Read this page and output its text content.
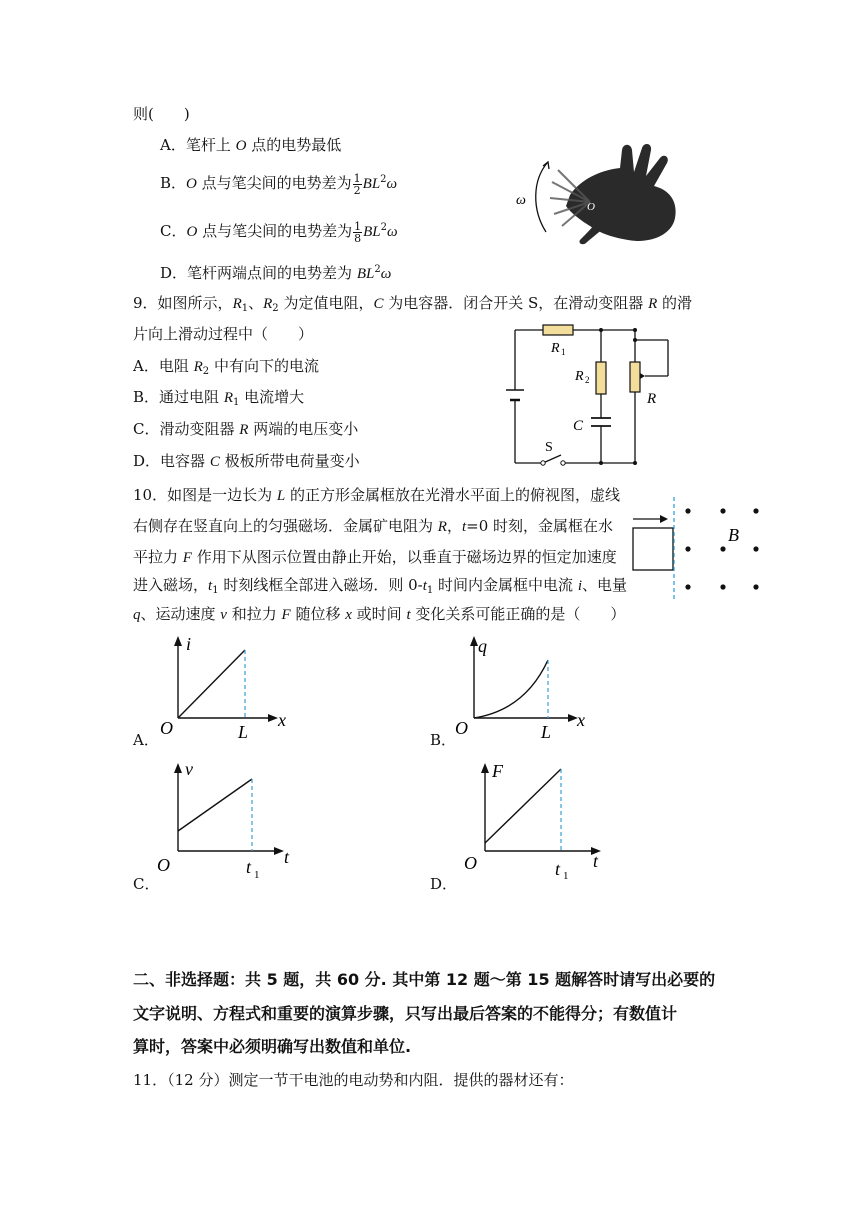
则(　　)
A．笔杆上 O 点的电势最低
B．O 点与笔尖间的电势差为 $\frac{1}{2} BL^2\omega$
C．O 点与笔尖间的电势差为 $\frac{1}{8} BL^2\omega$
D．笔杆两端点间的电势差为 $BL^2\omega$
ω	O
9．如图所示，$R_1$、$R_2$ 为定值电阻，C 为电容器．闭合开关 S，在滑动变阻器 R 的滑
片向上滑动过程中（　　）
A．电阻 $R_2$ 中有向下的电流
B．通过电阻 $R_1$ 电流增大
C．滑动变阻器 R 两端的电压变小
D．电容器 C 极板所带电荷量变小
R 1
R 2
R
C
S
10．如图是一边长为 L 的正方形金属框放在光滑水平面上的俯视图，虚线
右侧存在竖直向上的匀强磁场．金属矿电阻为 R，t=0 时刻，金属框在水
平拉力 F 作用下从图示位置由静止开始，以垂直于磁场边界的恒定加速度
进入磁场，$t_1$ 时刻线框全部进入磁场．则 $0-t_1$ 时间内金属框中电流 i、电量
q、运动速度 v 和拉力 F 随位移 x 或时间 t 变化关系可能正确的是（　　）
B
i
x
O	L
A．
q
x
O	L
B．
v
t
O	t 1
C．
F
t
O	t 1
D．
二、非选择题：共 5 题，共 60 分. 其中第 12 题～第 15 题解答时请写出必要的
文字说明、方程式和重要的演算步骤，只写出最后答案的不能得分；有数值计
算时，答案中必须明确写出数值和单位.
11．（12 分）测定一节干电池的电动势和内阻．提供的器材还有：
